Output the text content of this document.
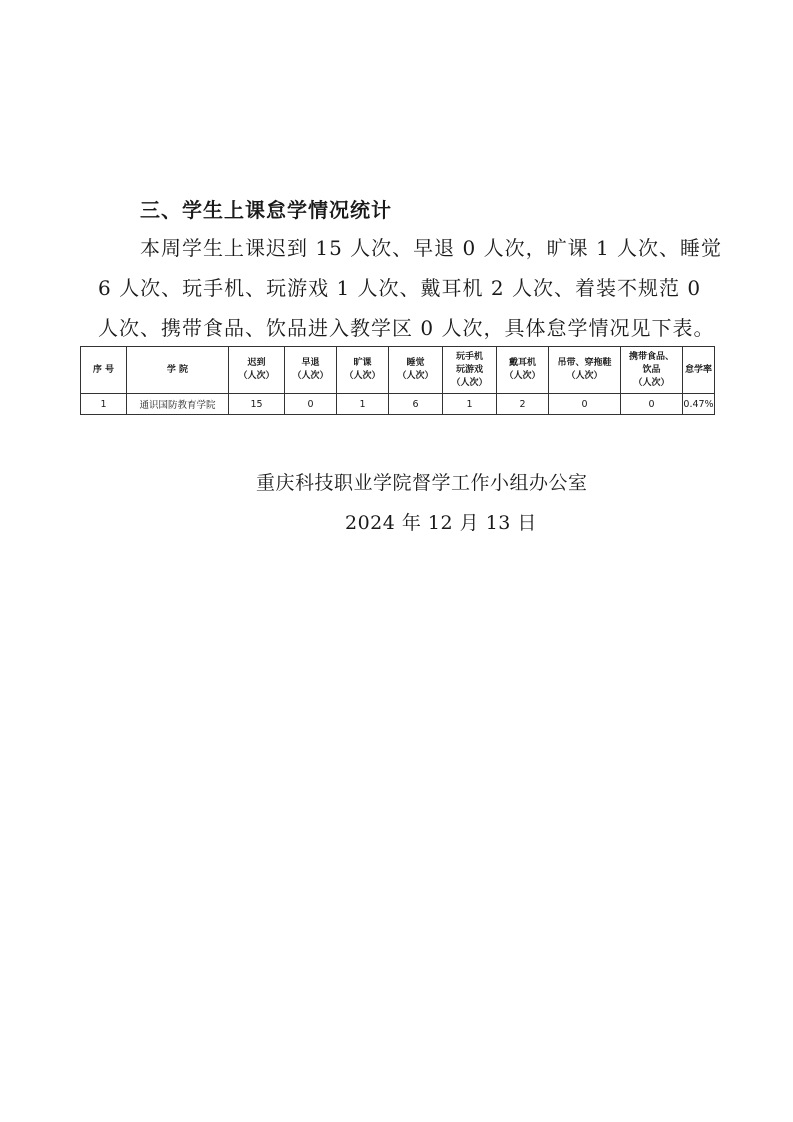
三、学生上课怠学情况统计
本周学生上课迟到 15 人次、早退 0 人次，旷课 1 人次、睡觉
6 人次、玩手机、玩游戏 1 人次、戴耳机 2 人次、着装不规范 0
人次、携带食品、饮品进入教学区 0 人次，具体怠学情况见下表。
序 号	学 院	迟到
（人次）	早退
（人次）	旷课
（人次）	睡觉
（人次）	玩手机
玩游戏
（人次）	戴耳机
（人次）	吊带、穿拖鞋
（人次）	携带食品、
饮品
（人次）	怠学率

1	通识国防教育学院	15	0	1	6	1	2	0	0	0.47%
重庆科技职业学院督学工作小组办公室
2024 年 12 月 13 日
